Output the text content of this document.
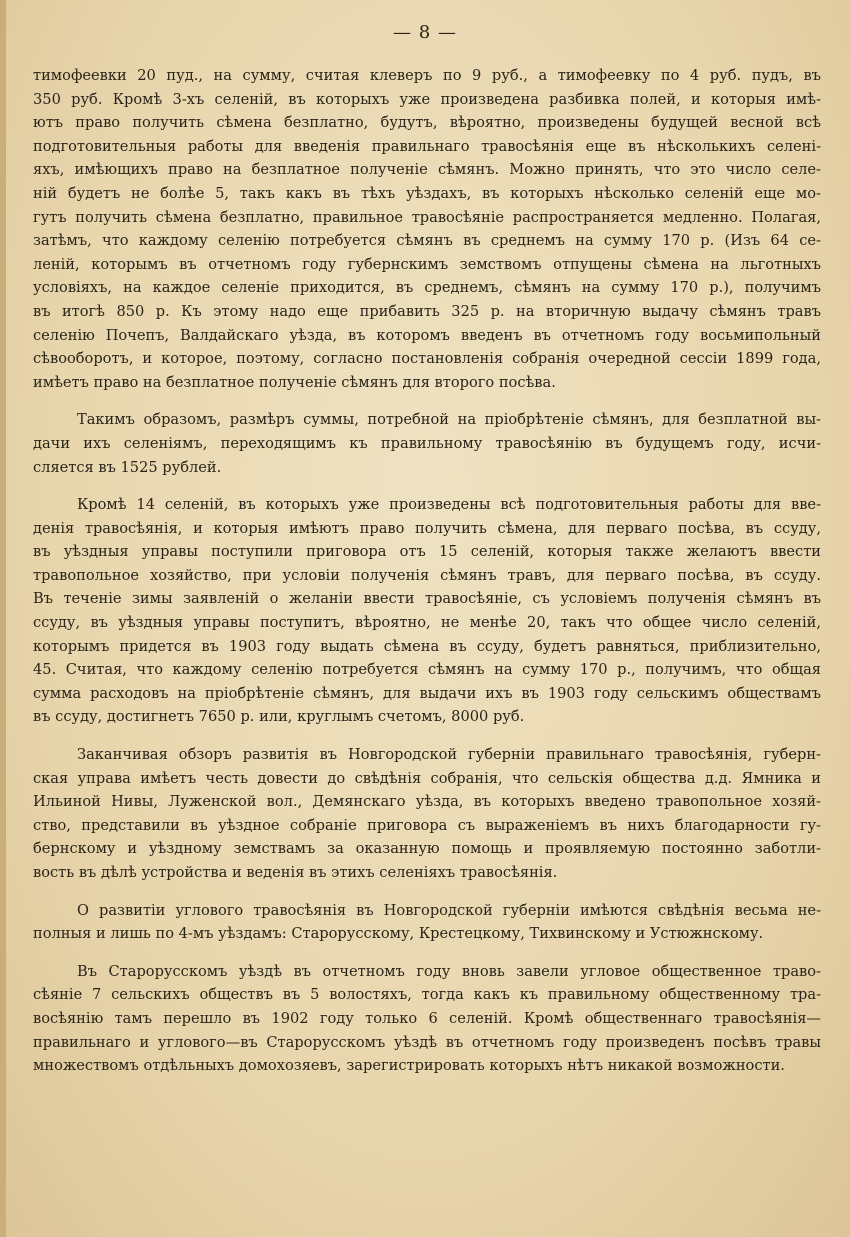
— 8 —
тимофеевки 20 пуд., на сумму, считая клеверъ по 9 руб., а тимофеевку по 4 руб. пудъ, въ
350 руб. Кромѣ 3-хъ селеній, въ которыхъ уже произведена разбивка полей, и которыя имѣ-
ютъ право получить сѣмена безплатно, будутъ, вѣроятно, произведены будущей весной всѣ
подготовительныя работы для введенія правильнаго травосѣянія еще въ нѣсколькихъ селені-
яхъ, имѣющихъ право на безплатное полученіе сѣмянъ. Можно принять, что это число селе-
ній будетъ не болѣе 5, такъ какъ въ тѣхъ уѣздахъ, въ которыхъ нѣсколько селеній еще мо-
гутъ получить сѣмена безплатно, правильное травосѣяніе распространяется медленно. Полагая,
затѣмъ, что каждому селенію потребуется сѣмянъ въ среднемъ на сумму 170 р. (Изъ 64 се-
леній, которымъ въ отчетномъ году губернскимъ земствомъ отпущены сѣмена на льготныхъ
условіяхъ, на каждое селеніе приходится, въ среднемъ, сѣмянъ на сумму 170 р.), получимъ
въ итогѣ 850 р. Къ этому надо еще прибавить 325 р. на вторичную выдачу сѣмянъ травъ
селенію Почепъ, Валдайскаго уѣзда, въ которомъ введенъ въ отчетномъ году восьмипольный
сѣвооборотъ, и которое, поэтому, согласно постановленія собранія очередной сессіи 1899 года,
имѣетъ право на безплатное полученіе сѣмянъ для второго посѣва.
Такимъ образомъ, размѣръ суммы, потребной на пріобрѣтеніе сѣмянъ, для безплатной вы-
дачи ихъ селеніямъ, переходящимъ къ правильному травосѣянію въ будущемъ году, исчи-
сляется въ 1525 рублей.
Кромѣ 14 селеній, въ которыхъ уже произведены всѣ подготовительныя работы для вве-
денія травосѣянія, и которыя имѣютъ право получить сѣмена, для перваго посѣва, въ ссуду,
въ уѣздныя управы поступили приговора отъ 15 селеній, которыя также желаютъ ввести
травопольное хозяйство, при условіи полученія сѣмянъ травъ, для перваго посѣва, въ ссуду.
Въ теченіе зимы заявленій о желаніи ввести травосѣяніе, съ условіемъ полученія сѣмянъ въ
ссуду, въ уѣздныя управы поступитъ, вѣроятно, не менѣе 20, такъ что общее число селеній,
которымъ придется въ 1903 году выдать сѣмена въ ссуду, будетъ равняться, приблизительно,
45. Считая, что каждому селенію потребуется сѣмянъ на сумму 170 р., получимъ, что общая
сумма расходовъ на пріобрѣтеніе сѣмянъ, для выдачи ихъ въ 1903 году сельскимъ обществамъ
въ ссуду, достигнетъ 7650 р. или, круглымъ счетомъ, 8000 руб.
Заканчивая обзоръ развитія въ Новгородской губерніи правильнаго травосѣянія, губерн-
ская управа имѣетъ честь довести до свѣдѣнія собранія, что сельскія общества д.д. Ямника и
Ильиной Нивы, Луженской вол., Демянскаго уѣзда, въ которыхъ введено травопольное хозяй-
ство, представили въ уѣздное собраніе приговора съ выраженіемъ въ нихъ благодарности гу-
бернскому и уѣздному земствамъ за оказанную помощь и проявляемую постоянно заботли-
вость въ дѣлѣ устройства и веденія въ этихъ селеніяхъ травосѣянія.
О развитіи углового травосѣянія въ Новгородской губерніи имѣются свѣдѣнія весьма не-
полныя и лишь по 4-мъ уѣздамъ: Старорусскому, Крестецкому, Тихвинскому и Устюжнскому.
Въ Старорусскомъ уѣздѣ въ отчетномъ году вновь завели угловое общественное траво-
сѣяніе 7 сельскихъ обществъ въ 5 волостяхъ, тогда какъ къ правильному общественному тра-
восѣянію тамъ перешло въ 1902 году только 6 селеній. Кромѣ общественнаго травосѣянія—
правильнаго и углового—въ Старорусскомъ уѣздѣ въ отчетномъ году произведенъ посѣвъ травы
множествомъ отдѣльныхъ домохозяевъ, зарегистрировать которыхъ нѣтъ никакой возможности.
